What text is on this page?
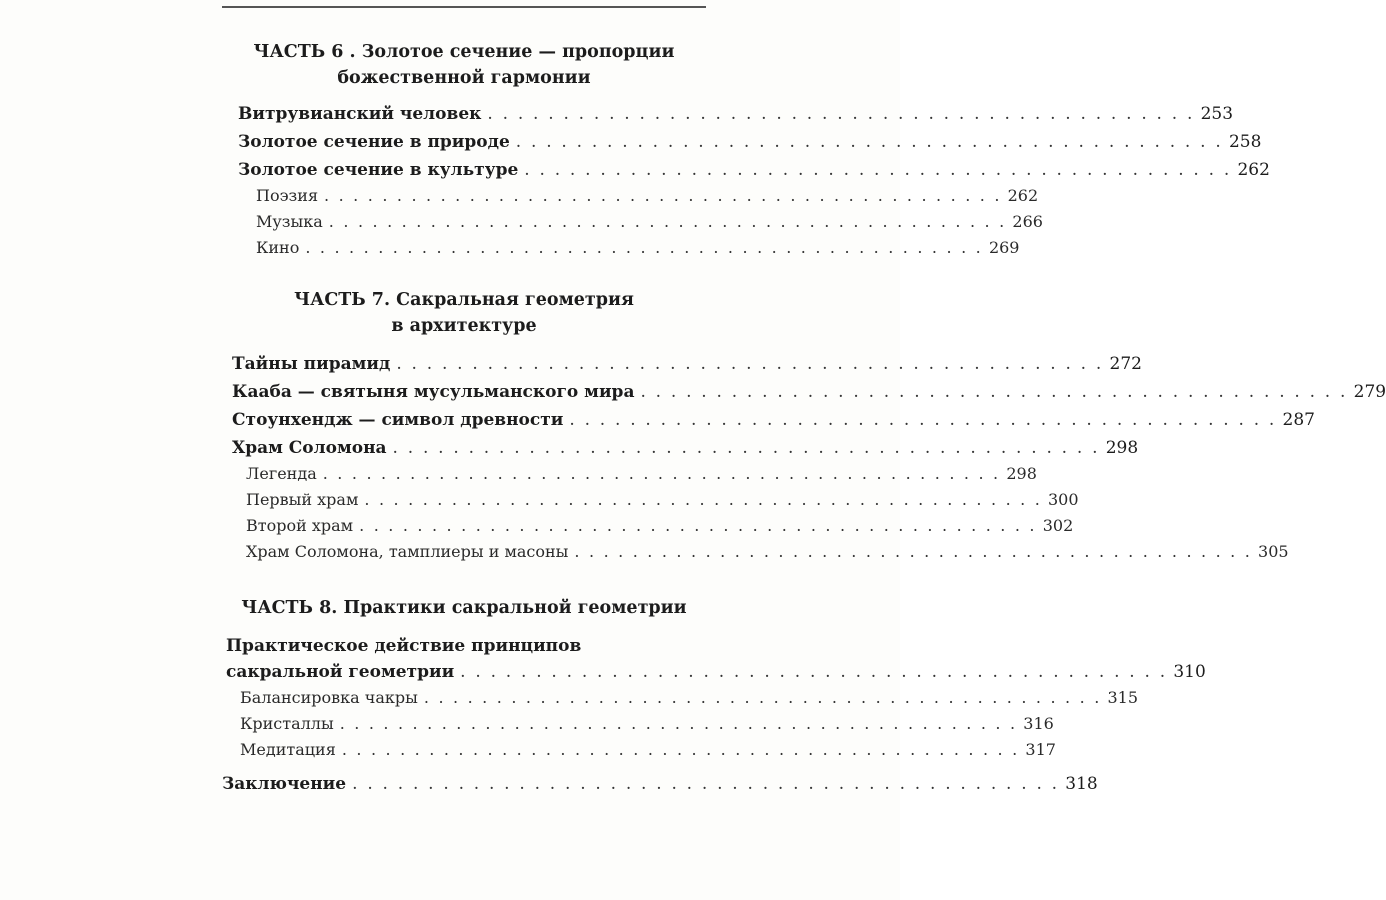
ЧАСТЬ 6 . Золотое сечение — пропорции
божественной гармонии
Витрувианский человек . . . . . . . . . . . . . . . . . . . . . . . . . . . . . . . . . . . . . . . . . . . . . . . 253
Золотое сечение в природе . . . . . . . . . . . . . . . . . . . . . . . . . . . . . . . . . . . . . . . . . . . . . . . 258
Золотое сечение в культуре . . . . . . . . . . . . . . . . . . . . . . . . . . . . . . . . . . . . . . . . . . . . . . . 262
Поэзия . . . . . . . . . . . . . . . . . . . . . . . . . . . . . . . . . . . . . . . . . . . . . . . 262
Музыка . . . . . . . . . . . . . . . . . . . . . . . . . . . . . . . . . . . . . . . . . . . . . . . 266
Кино . . . . . . . . . . . . . . . . . . . . . . . . . . . . . . . . . . . . . . . . . . . . . . . 269
ЧАСТЬ 7. Сакральная геометрия
в архитектуре
Тайны пирамид . . . . . . . . . . . . . . . . . . . . . . . . . . . . . . . . . . . . . . . . . . . . . . . 272
Кааба — святыня мусульманского мира . . . . . . . . . . . . . . . . . . . . . . . . . . . . . . . . . . . . . . . . . . . . . . . 279
Стоунхендж — символ древности . . . . . . . . . . . . . . . . . . . . . . . . . . . . . . . . . . . . . . . . . . . . . . . 287
Храм Соломона . . . . . . . . . . . . . . . . . . . . . . . . . . . . . . . . . . . . . . . . . . . . . . . 298
Легенда . . . . . . . . . . . . . . . . . . . . . . . . . . . . . . . . . . . . . . . . . . . . . . . 298
Первый храм . . . . . . . . . . . . . . . . . . . . . . . . . . . . . . . . . . . . . . . . . . . . . . . 300
Второй храм . . . . . . . . . . . . . . . . . . . . . . . . . . . . . . . . . . . . . . . . . . . . . . . 302
Храм Соломона, тамплиеры и масоны . . . . . . . . . . . . . . . . . . . . . . . . . . . . . . . . . . . . . . . . . . . . . . . 305
ЧАСТЬ 8. Практики сакральной геометрии
Практическое действие принципов
сакральной геометрии . . . . . . . . . . . . . . . . . . . . . . . . . . . . . . . . . . . . . . . . . . . . . . . 310
Балансировка чакры . . . . . . . . . . . . . . . . . . . . . . . . . . . . . . . . . . . . . . . . . . . . . . . 315
Кристаллы . . . . . . . . . . . . . . . . . . . . . . . . . . . . . . . . . . . . . . . . . . . . . . . 316
Медитация . . . . . . . . . . . . . . . . . . . . . . . . . . . . . . . . . . . . . . . . . . . . . . . 317
Заключение . . . . . . . . . . . . . . . . . . . . . . . . . . . . . . . . . . . . . . . . . . . . . . . 318
